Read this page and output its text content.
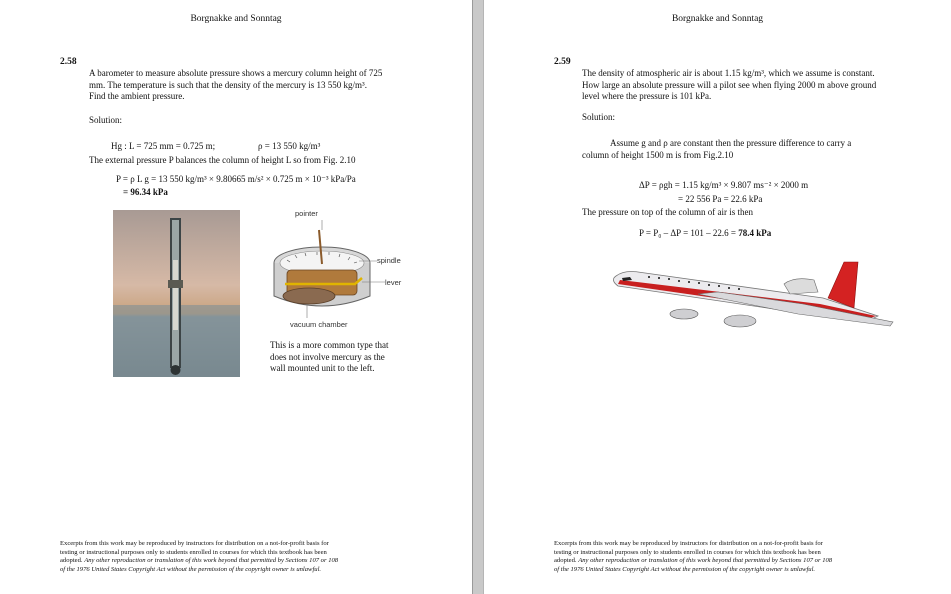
Borgnakke and Sonntag
2.58
A barometer to measure absolute pressure shows a mercury column height of 725
mm. The temperature is such that the density of the mercury is 13 550 kg/m³.
Find the ambient pressure.
Solution:
Hg : L = 725 mm = 0.725 m;	ρ = 13 550 kg/m³
The external pressure P balances the column of height L so from Fig. 2.10
P = ρ L g = 13 550 kg/m³ × 9.80665 m/s² × 0.725 m × 10⁻³ kPa/Pa
= 96.34 kPa
pointer
spindle
lever
vacuum chamber
This is a more common type that
does not involve mercury as the
wall mounted unit to the left.
Excerpts from this work may be reproduced by instructors for distribution on a not-for-profit basis for
testing or instructional purposes only to students enrolled in courses for which this textbook has been
adopted. Any other reproduction or translation of this work beyond that permitted by Sections 107 or 108
of the 1976 United States Copyright Act without the permission of the copyright owner is unlawful.
Borgnakke and Sonntag
2.59
The density of atmospheric air is about 1.15 kg/m³, which we assume is constant.
How large an absolute pressure will a pilot see when flying 2000 m above ground
level where the pressure is 101 kPa.
Solution:
Assume g and ρ are constant then the pressure difference to carry a
column of height 1500 m is from Fig.2.10
ΔP = ρgh = 1.15 kg/m³ × 9.807 ms⁻² × 2000 m
= 22 556 Pa = 22.6 kPa
The pressure on top of the column of air is then
P = P₀ – ΔP = 101 – 22.6 = 78.4 kPa
Excerpts from this work may be reproduced by instructors for distribution on a not-for-profit basis for
testing or instructional purposes only to students enrolled in courses for which this textbook has been
adopted. Any other reproduction or translation of this work beyond that permitted by Sections 107 or 108
of the 1976 United States Copyright Act without the permission of the copyright owner is unlawful.
